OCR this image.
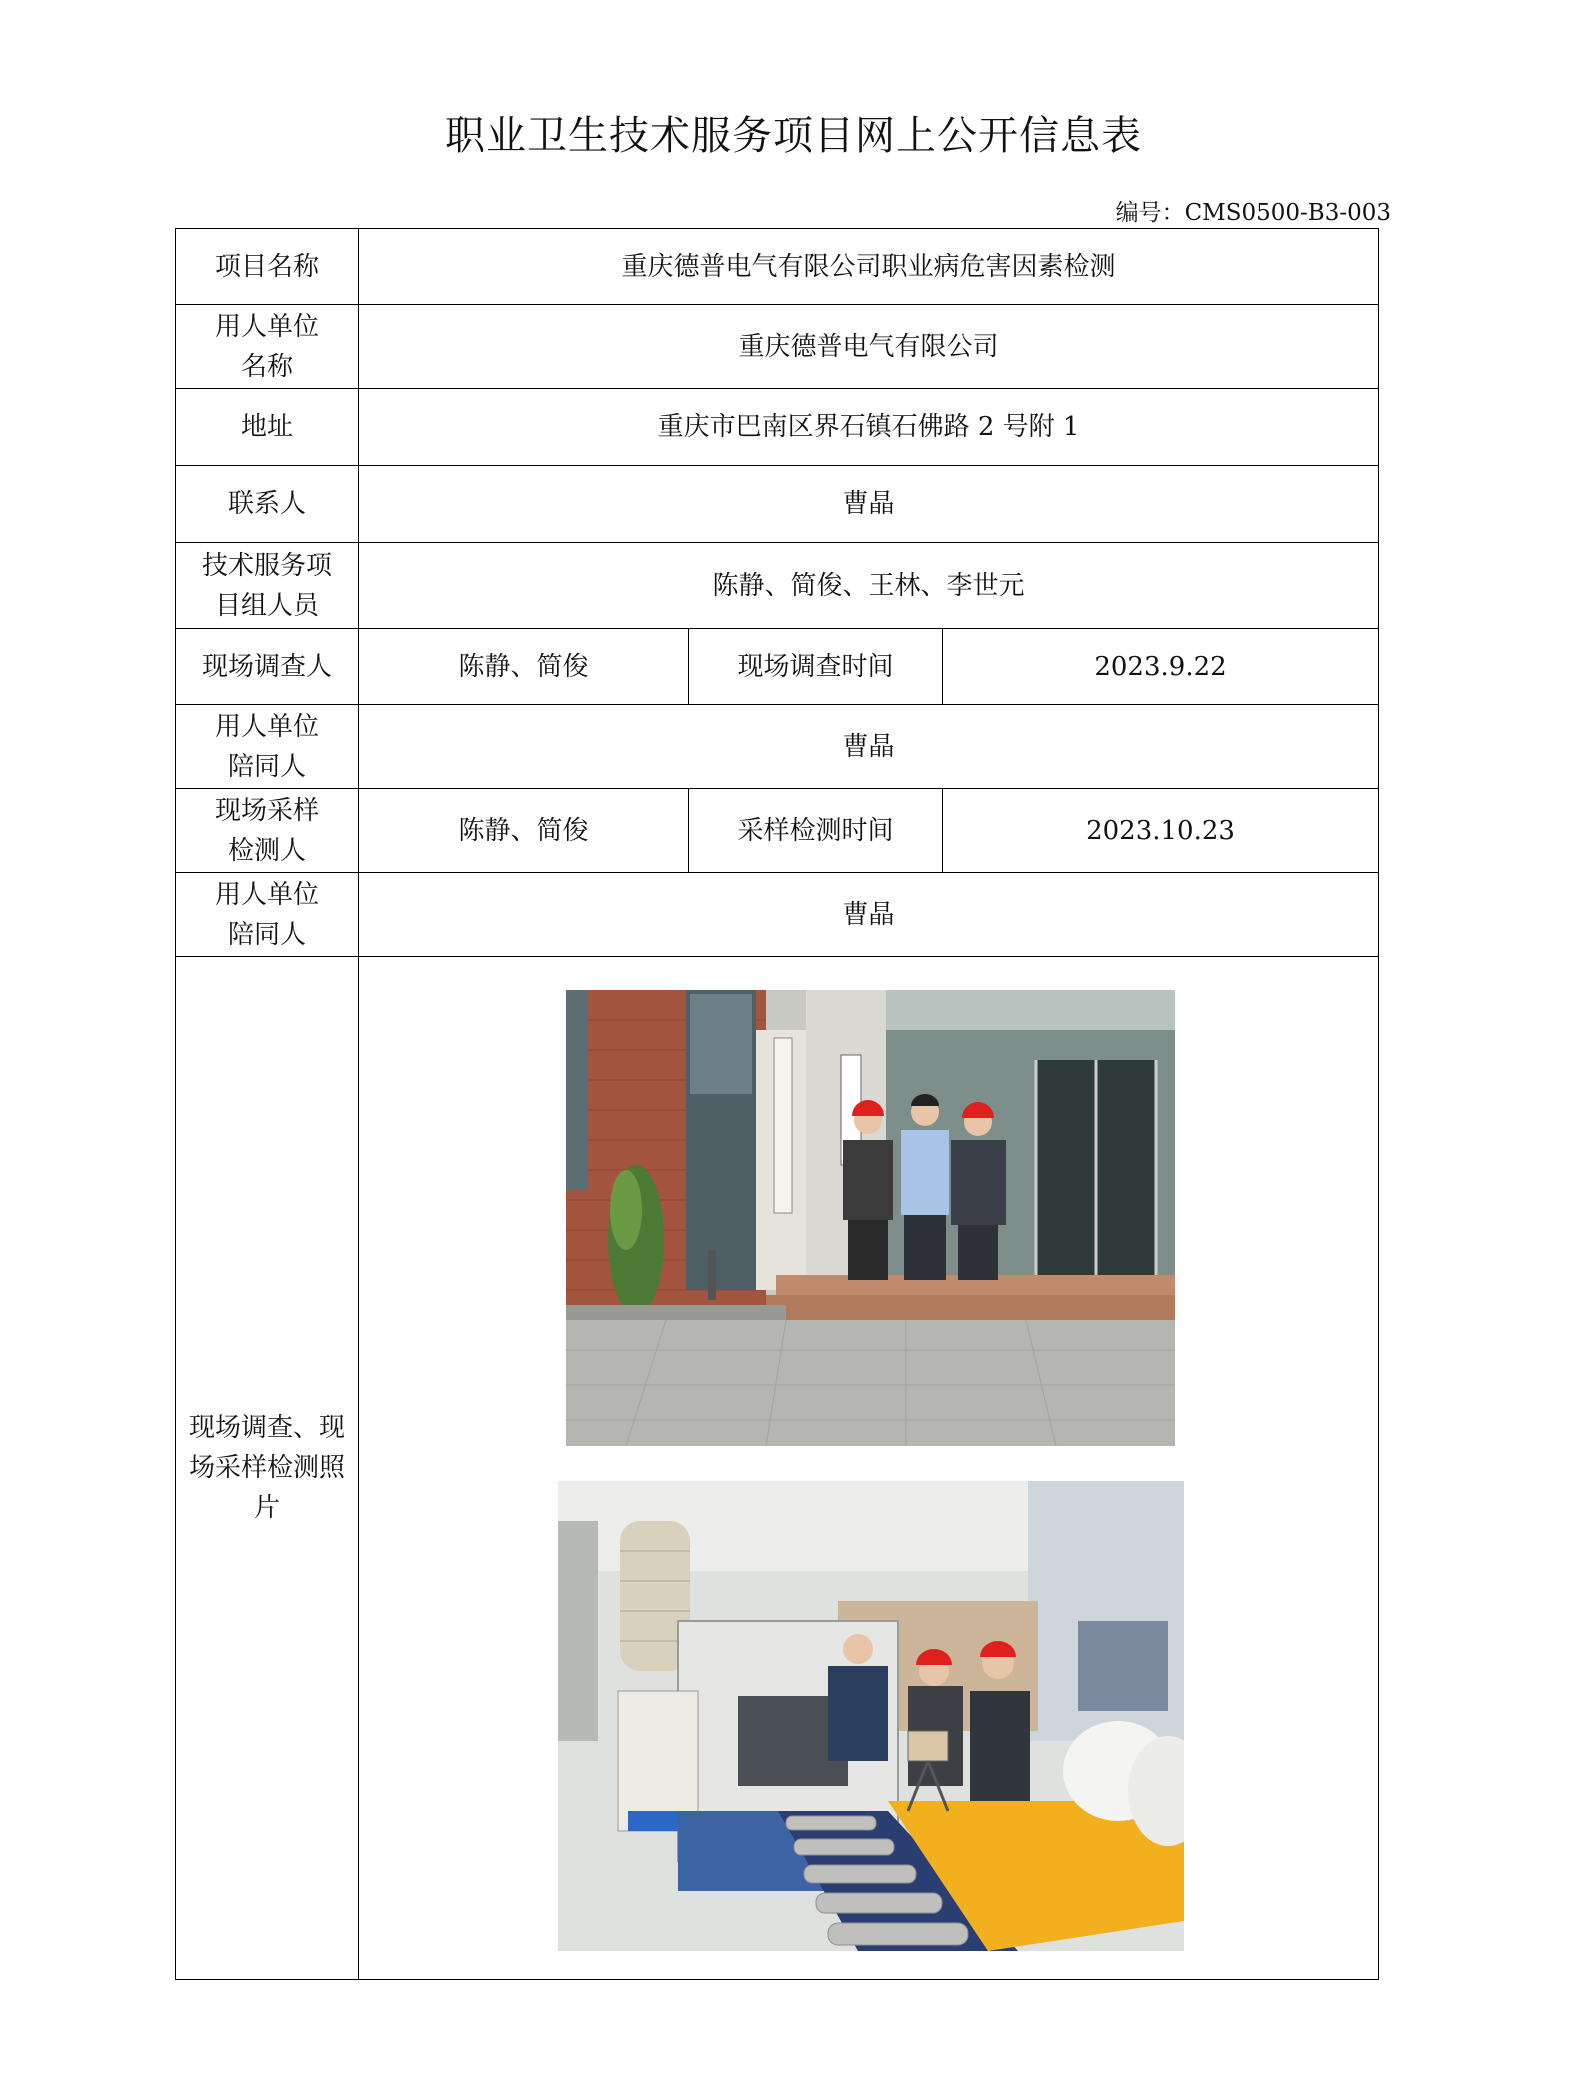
职业卫生技术服务项目网上公开信息表
编号：CMS0500-B3-003
项目名称	重庆德普电气有限公司职业病危害因素检测		

用人单位名称	重庆德普电气有限公司		
地址	重庆市巴南区界石镇石佛路 2 号附 1		
联系人	曹晶		

技术服务项目组人员	陈静、简俊、王林、李世元		
现场调查人	陈静、简俊	现场调查时间	2023.9.22

用人单位陪同人	曹晶		

现场采样检测人	陈静、简俊	采样检测时间	2023.10.23

用人单位陪同人	曹晶		

现场调查、现场采样检测照片
